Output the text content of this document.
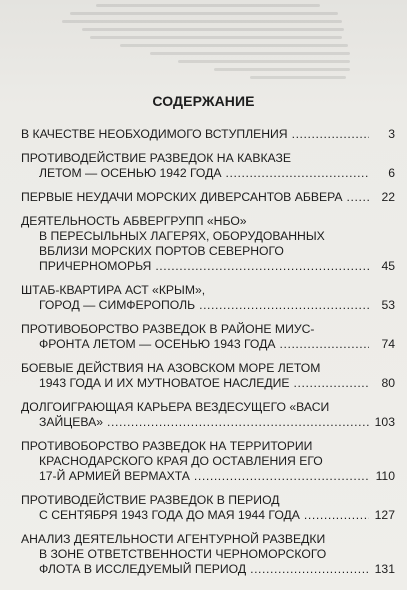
СОДЕРЖАНИЕ
В КАЧЕСТВЕ НЕОБХОДИМОГО ВСТУПЛЕНИЯ .....	3
ПРОТИВОДЕЙСТВИЕ РАЗВЕДОК НА КАВКАЗЕ
ЛЕТОМ — ОСЕНЬЮ 1942 ГОДА .....	6
ПЕРВЫЕ НЕУДАЧИ МОРСКИХ ДИВЕРСАНТОВ АБВЕРА .....	22
ДЕЯТЕЛЬНОСТЬ АБВЕРГРУПП «НБО»
В ПЕРЕСЫЛЬНЫХ ЛАГЕРЯХ, ОБОРУДОВАННЫХ
ВБЛИЗИ МОРСКИХ ПОРТОВ СЕВЕРНОГО
ПРИЧЕРНОМОРЬЯ .....	45
ШТАБ-КВАРТИРА АСТ «КРЫМ»,
ГОРОД — СИМФЕРОПОЛЬ .....	53
ПРОТИВОБОРСТВО РАЗВЕДОК В РАЙОНЕ МИУС-
ФРОНТА ЛЕТОМ — ОСЕНЬЮ 1943 ГОДА .....	74
БОЕВЫЕ ДЕЙСТВИЯ НА АЗОВСКОМ МОРЕ ЛЕТОМ
1943 ГОДА И ИХ МУТНОВАТОЕ НАСЛЕДИЕ .....	80
ДОЛГОИГРАЮЩАЯ КАРЬЕРА ВЕЗДЕСУЩЕГО «ВАСИ
ЗАЙЦЕВА» .....	103
ПРОТИВОБОРСТВО РАЗВЕДОК НА ТЕРРИТОРИИ
КРАСНОДАРСКОГО КРАЯ ДО ОСТАВЛЕНИЯ ЕГО
17-Й АРМИЕЙ ВЕРМАХТА .....	110
ПРОТИВОДЕЙСТВИЕ РАЗВЕДОК В ПЕРИОД
С СЕНТЯБРЯ 1943 ГОДА ДО МАЯ 1944 ГОДА .....	127
АНАЛИЗ ДЕЯТЕЛЬНОСТИ АГЕНТУРНОЙ РАЗВЕДКИ
В ЗОНЕ ОТВЕТСТВЕННОСТИ ЧЕРНОМОРСКОГО
ФЛОТА В ИССЛЕДУЕМЫЙ ПЕРИОД .....	131
